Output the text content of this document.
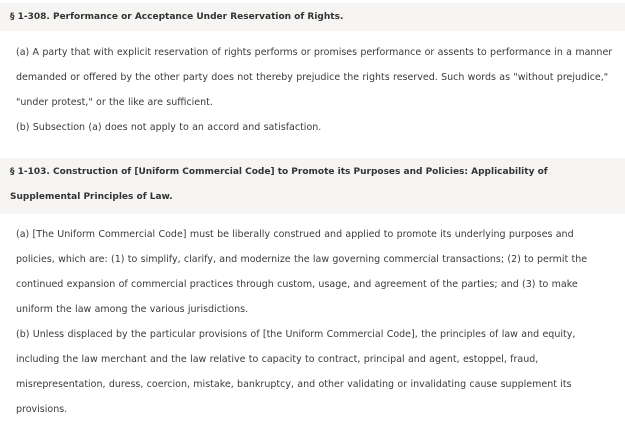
§ 1-308. Performance or Acceptance Under Reservation of Rights.

(a) A party that with explicit reservation of rights performs or promises performance or assents to performance in a manner demanded or offered by the other party does not thereby prejudice the rights reserved. Such words as "without prejudice," "under protest," or the like are sufficient.

(b) Subsection (a) does not apply to an accord and satisfaction.

§ 1-103. Construction of [Uniform Commercial Code] to Promote its Purposes and Policies: Applicability of Supplemental Principles of Law.

(a) [The Uniform Commercial Code] must be liberally construed and applied to promote its underlying purposes and policies, which are: (1) to simplify, clarify, and modernize the law governing commercial transactions; (2) to permit the continued expansion of commercial practices through custom, usage, and agreement of the parties; and (3) to make uniform the law among the various jurisdictions.

(b) Unless displaced by the particular provisions of [the Uniform Commercial Code], the principles of law and equity, including the law merchant and the law relative to capacity to contract, principal and agent, estoppel, fraud, misrepresentation, duress, coercion, mistake, bankruptcy, and other validating or invalidating cause supplement its provisions.
